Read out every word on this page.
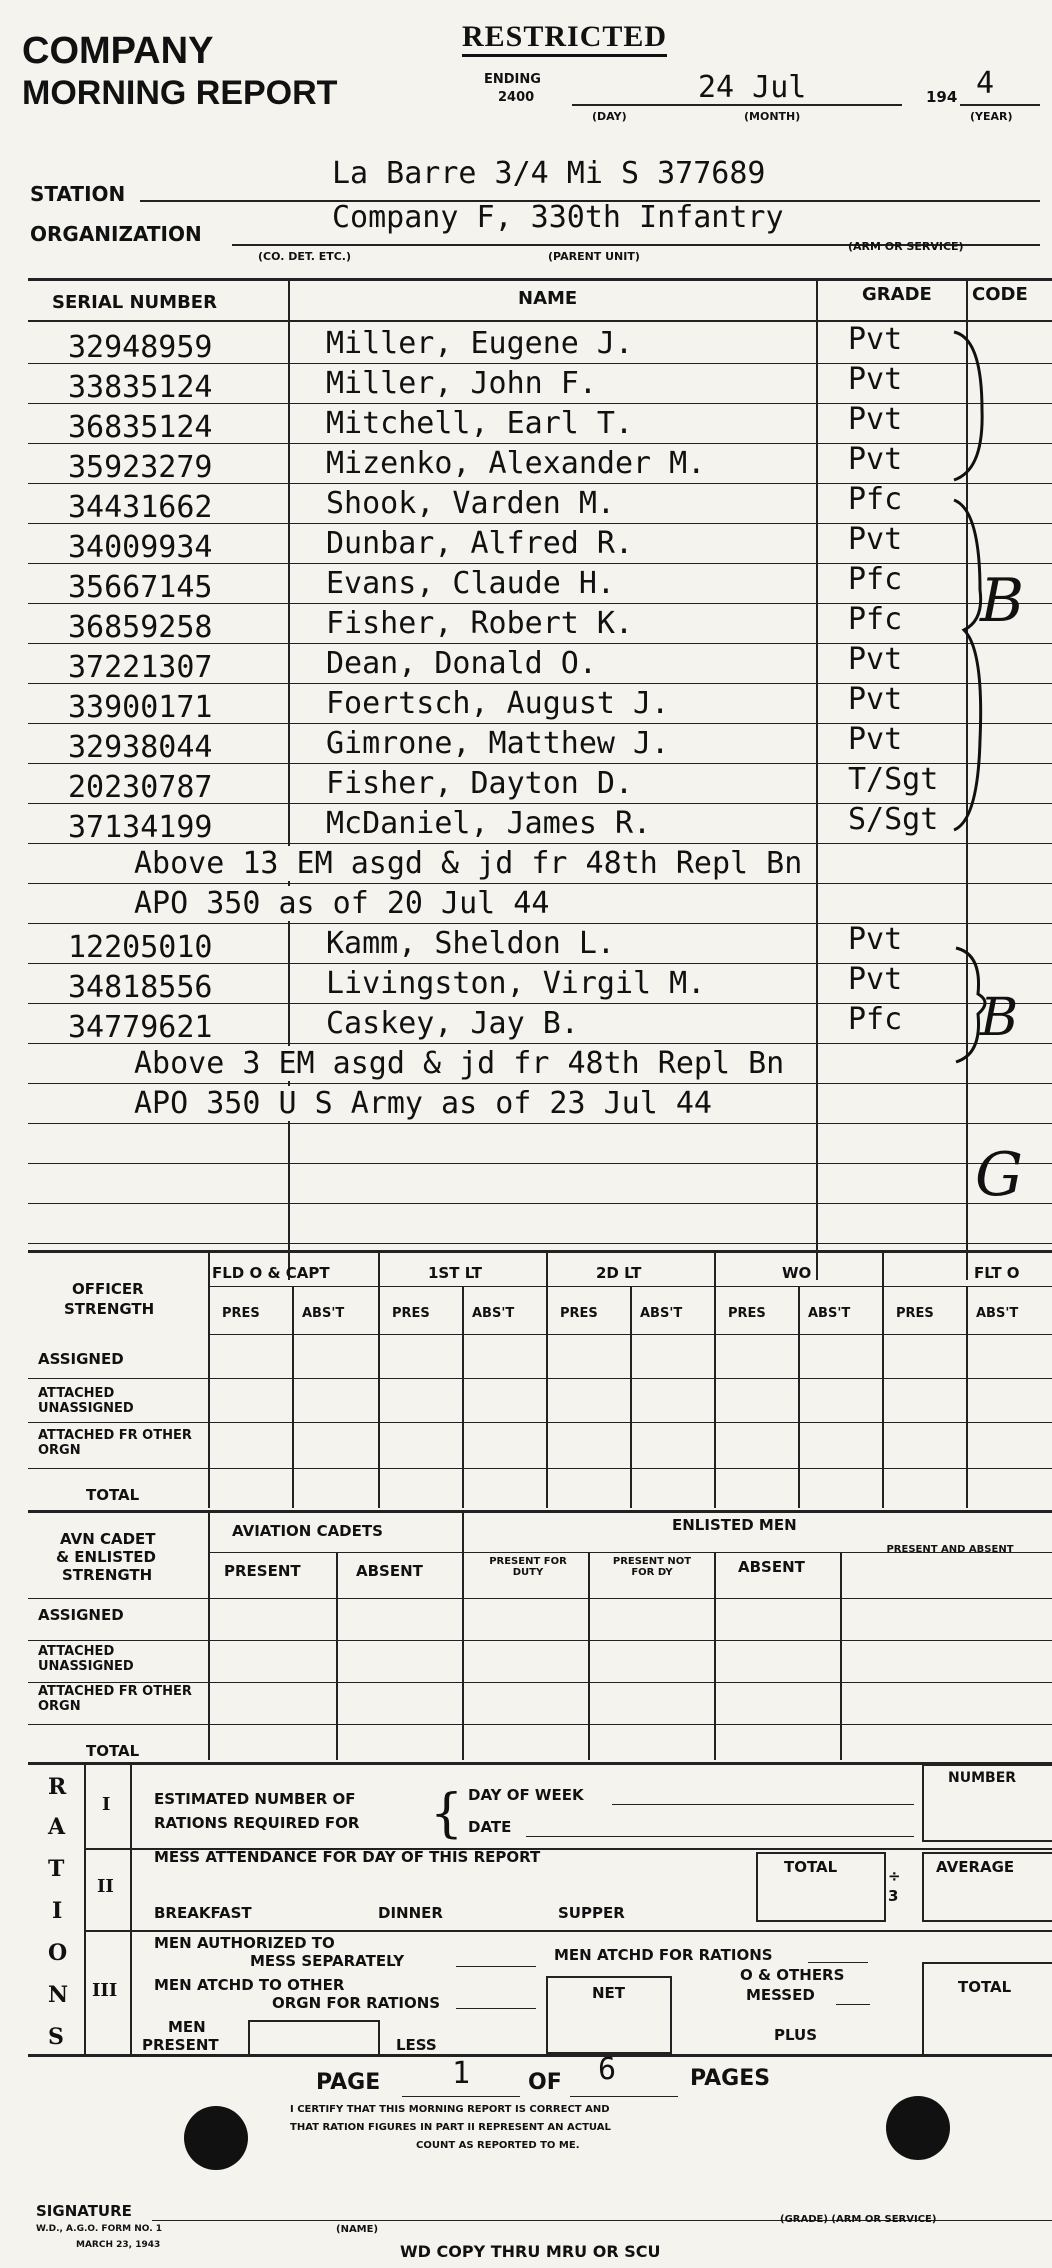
COMPANY
MORNING REPORT
RESTRICTED
ENDING
2400	24 Jul
(DAY)	(MONTH)
194 4
(YEAR)
STATION
La Barre 3/4 Mi S 377689
ORGANIZATION	Company F, 330th Infantry
(CO. DET. ETC.)	(PARENT UNIT)
(ARM OR SERVICE)
SERIAL NUMBER	NAME	GRADE CODE
32948959	Miller, Eugene J.	Pvt
33835124	Miller, John F.	Pvt
36835124	Mitchell, Earl T.	Pvt
35923279	Mizenko, Alexander M.	Pvt
34431662	Shook, Varden M.	Pfc
34009934	Dunbar, Alfred R.	Pvt
35667145	Evans, Claude H.	Pfc
36859258	Fisher, Robert K.	Pfc
37221307	Dean, Donald O.	Pvt
33900171	Foertsch, August J.	Pvt
32938044	Gimrone, Matthew J.	Pvt
20230787	Fisher, Dayton D.	T/Sgt
37134199	McDaniel, James R.	S/Sgt
Above 13 EM asgd & jd fr 48th Repl Bn
APO 350 as of 20 Jul 44
12205010	Kamm, Sheldon L.	Pvt
34818556	Livingston, Virgil M.	Pvt
34779621	Caskey, Jay B.	Pfc
Above 3 EM asgd & jd fr 48th Repl Bn
APO 350 U S Army as of 23 Jul 44
B
B
G
OFFICER
STRENGTH
FLD O & CAPT	1ST LT	2D LT	WO	FLT O
PRES	ABS'T	PRES	ABS'T	PRES	ABS'T	PRES	ABS'T	PRES	ABS'T
ASSIGNED
ATTACHED UNASSIGNED
ATTACHED FR OTHER ORGN
TOTAL
AVN CADET
& ENLISTED
STRENGTH
AVIATION CADETS	ENLISTED MEN
PRESENT	ABSENT
PRESENT FOR DUTY
PRESENT NOT FOR DY	ABSENT
PRESENT AND ABSENT
ASSIGNED
ATTACHED UNASSIGNED
ATTACHED FR OTHER ORGN
TOTAL
R
A
T
I
O
N
S
I
II
III
ESTIMATED NUMBER OF
RATIONS REQUIRED FOR { DAY OF WEEK
DATE
NUMBER
MESS ATTENDANCE FOR DAY OF THIS REPORT
TOTAL	÷ 3
AVERAGE
BREAKFAST	DINNER	SUPPER
MEN AUTHORIZED TO
MESS SEPARATELY	MEN ATCHD FOR RATIONS
MEN ATCHD TO OTHER
ORGN FOR RATIONS
NET
O & OTHERS
MESSED	TOTAL
MEN
PRESENT	LESS
PLUS
PAGE 1	OF 6	PAGES
I CERTIFY THAT THIS MORNING REPORT IS CORRECT AND
THAT RATION FIGURES IN PART II REPRESENT AN ACTUAL
COUNT AS REPORTED TO ME.
SIGNATURE
W.D., A.G.O. FORM NO. 1
MARCH 23, 1943
(NAME)
(GRADE) (ARM OR SERVICE)
WD COPY THRU MRU OR SCU
